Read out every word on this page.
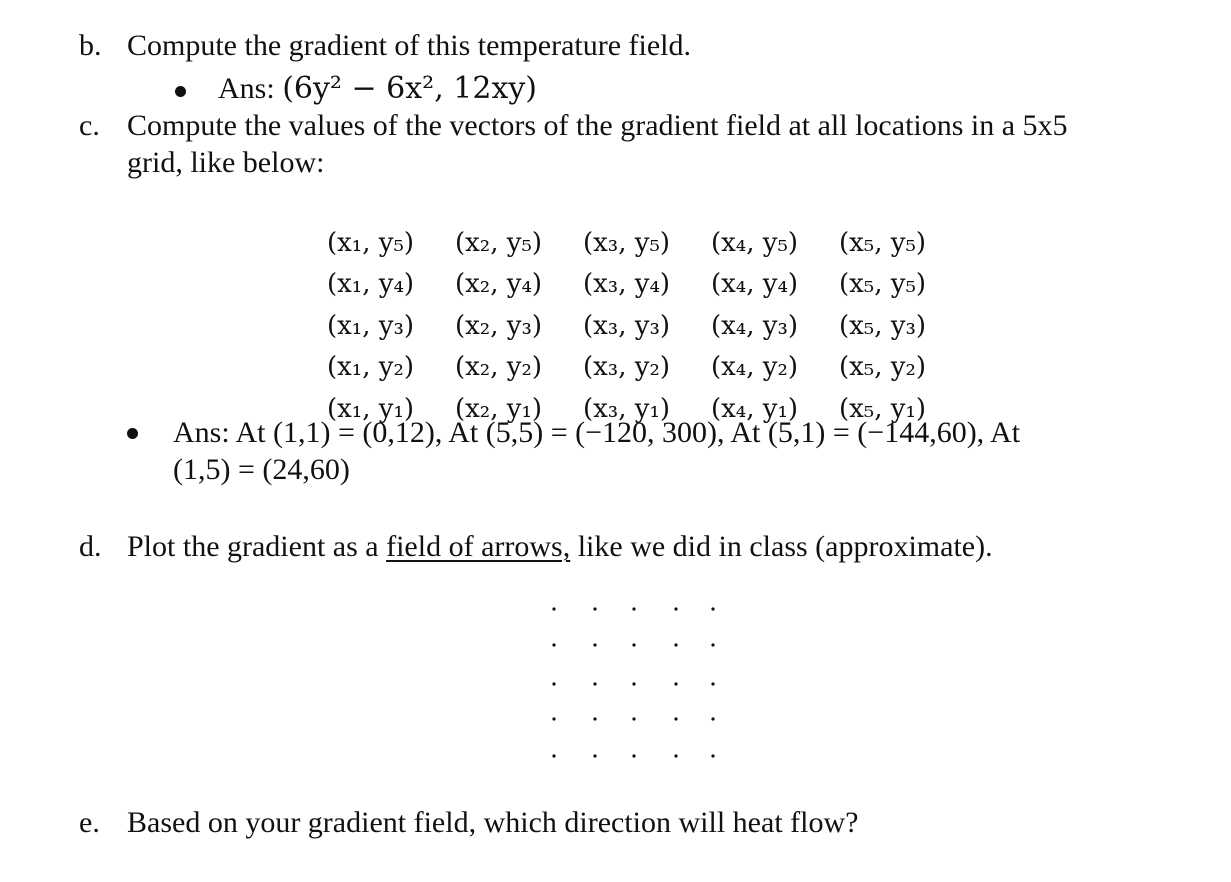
b. Compute the gradient of this temperature field.
Ans: (6y² − 6x², 12xy)
c. Compute the values of the vectors of the gradient field at all locations in a 5x5
grid, like below:
(x₁, y₅)	(x₂, y₅)	(x₃, y₅)	(x₄, y₅)	(x₅, y₅)
(x₁, y₄)	(x₂, y₄)	(x₃, y₄)	(x₄, y₄)	(x₅, y₅)
(x₁, y₃)	(x₂, y₃)	(x₃, y₃)	(x₄, y₃)	(x₅, y₃)
(x₁, y₂)	(x₂, y₂)	(x₃, y₂)	(x₄, y₂)	(x₅, y₂)
(x₁, y₁)	(x₂, y₁)	(x₃, y₁)	(x₄, y₁)	(x₅, y₁)
Ans: At (1,1) = (0,12), At (5,5) = (−120, 300), At (5,1) = (−144,60), At
(1,5) = (24,60)
d. Plot the gradient as a field of arrows, like we did in class (approximate).
e. Based on your gradient field, which direction will heat flow?
